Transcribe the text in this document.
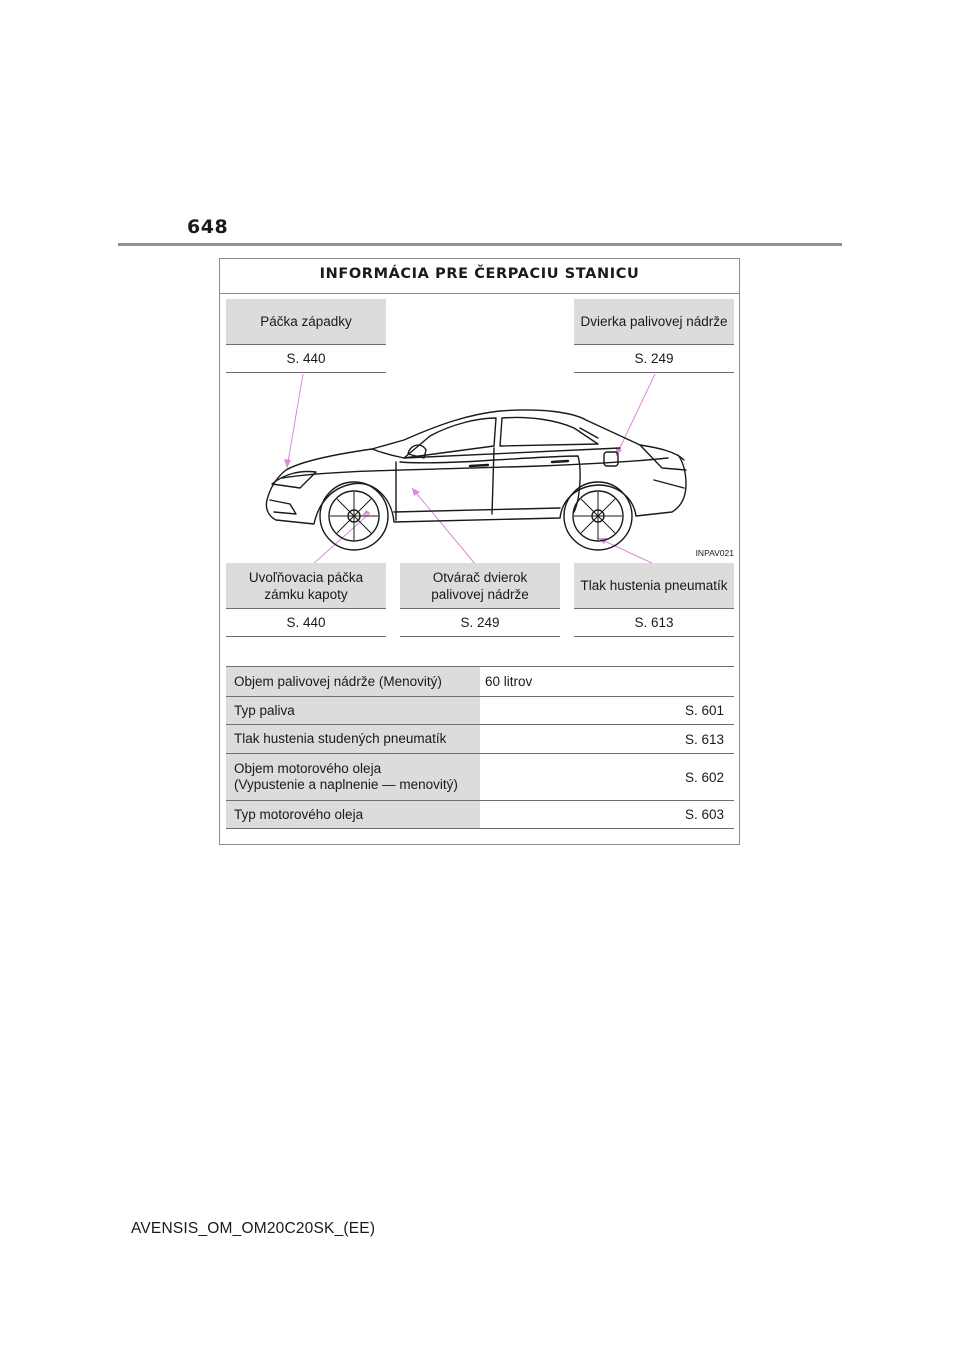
648
INFORMÁCIA PRE ČERPACIU STANICU
INPAV021
Páčka západky
S. 440
Dvierka palivovej nádrže
S. 249
Uvoľňovacia páčka zámku kapoty
S. 440
Otvárač dvierok palivovej nádrže
S. 249
Tlak hustenia pneumatík
S. 613
Objem palivovej nádrže (Menovitý)	60 litrov
Typ paliva	S. 601
Tlak hustenia studených pneumatík	S. 613

Objem motorového oleja
(Vypustenie a naplnenie — menovitý)	S. 602
Typ motorového oleja	S. 603
AVENSIS_OM_OM20C20SK_(EE)
